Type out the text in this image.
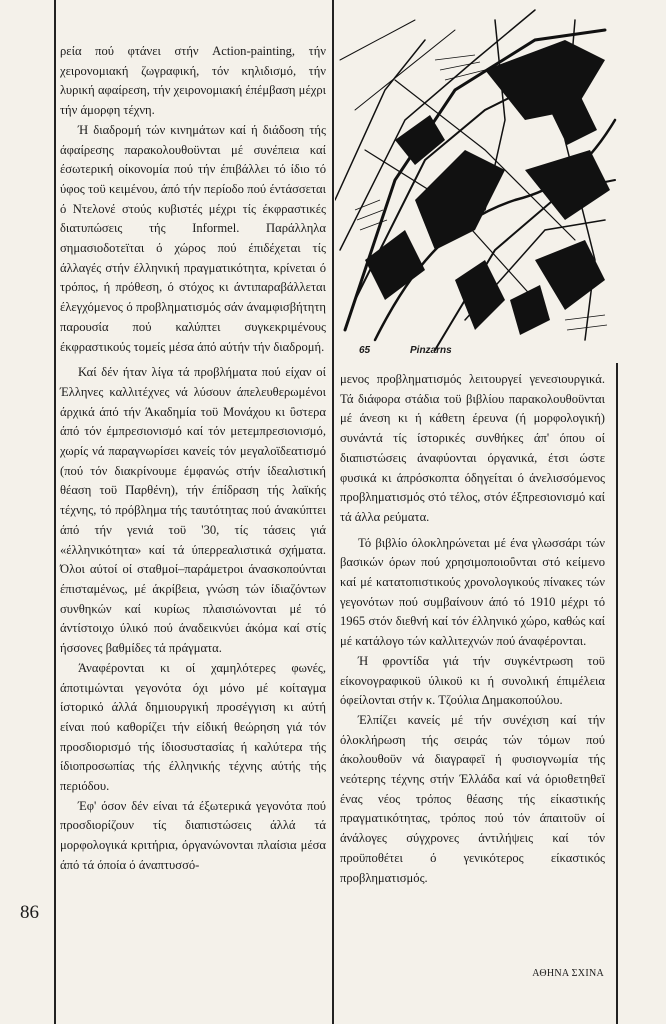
86

ρεία πού φτάνει στήν Action-painting, τήν χειρονομιακή ζωγραφική, τόν κηλιδισμό, τήν λυρική αφαίρεση, τήν χειρονομιακή έπέμβαση μέχρι τήν άμορφη τέχνη.

Ή διαδρομή τών κινημάτων καί ή διάδοση τής άφαίρεσης παρακολουθοϋνται μέ συνέπεια καί έσωτερική οίκονομία πού τήν έπιβάλλει τό ίδιο τό ύφος τοϋ κειμένου, άπό τήν περίοδο πού έντάσσεται ό Ντελονέ στούς κυβιστές μέχρι τίς έκφραστικές διατυπώσεις τής Informel. Παράλληλα σημασιοδοτεϊται ό χώρος πού έπιδέχεται τίς άλλαγές στήν έλληνική πραγματικότητα, κρίνεται ό τρόπος, ή πρόθεση, ό στόχος κι άντιπαραβάλλεται έλεγχόμενος ό προβληματισμός σάν άναμφισβήτητη παρουσία πού καλύπτει συγκεκριμένους έκφραστικούς τομείς μέσα άπό αύτήν τήν διαδρομή.

Καί δέν ήταν λίγα τά προβλήματα πού είχαν οί Έλληνες καλλιτέχνες νά λύσουν άπελευθερωμένοι άρχικά άπό τήν Άκαδημία τοϋ Μονάχου κι ΰστερα άπό τόν έμπρεσιονισμό καί τόν μετεμπρεσιονισμό, χωρίς νά παραγνωρίσει κανείς τόν μεγαλοϊδεατισμό (πού τόν διακρίνουμε έμφανώς στήν ίδεαλιστική θέαση τοϋ Παρθένη), τήν έπίδραση τής λαϊκής τέχνης, τό πρόβλημα τής ταυτότητας πού άνακύπτει άπό τήν γενιά τοϋ '30, τίς τάσεις γιά «έλληνικότητα» καί τά ύπερρεαλιστικά σχήματα. Όλοι αύτοί οί σταθμοί–παράμετροι άνασκοπούνται έπισταμένως, μέ άκρίβεια, γνώση τών ίδιαζόντων συνθηκών καί κυρίως πλαισιώνονται μέ τό άντίστοιχο ύλικό πού άναδεικνύει άκόμα καί στίς ήσσονες βαθμίδες τά πράγματα.

Άναφέρονται κι οί χαμηλότερες φωνές, άποτιμώνται γεγονότα όχι μόνο μέ κοίταγμα ίστορικό άλλά δημιουργική προσέγγιση κι αύτή είναι πού καθορίζει τήν είδική θεώρηση γιά τόν προσδιορισμό τής ίδιοσυστασίας ή καλύτερα τής ίδιοπροσωπίας τής έλληνικής τέχνης αύτής τής περιόδου.

Έφ' όσον δέν είναι τά έξωτερικά γεγονότα πού προσδιορίζουν τίς διαπιστώσεις άλλά τά μορφολογικά κριτήρια, όργανώνονται πλαίσια μέσα άπό τά όποία ό άναπτυσσό-

65	Pinzarns

μενος προβληματισμός λειτουργεί γενεσιουργικά. Τά διάφορα στάδια τοϋ βιβλίου παρακολουθοϋνται μέ άνεση κι ή κάθετη έρευνα (ή μορφολογική) συνάντά τίς ίστορικές συνθήκες άπ' όπου οί διαπιστώσεις άναφύονται όργανικά, έτσι ώστε φυσικά κι άπρόσκοπτα όδηγείται ό άνελισσόμενος προβληματισμός στό τέλος, στόν έξπρεσιονισμό καί τά άλλα ρεύματα.

Τό βιβλίο όλοκληρώνεται μέ ένα γλωσσάρι τών βασικών όρων πού χρησιμοποιοΰνται στό κείμενο καί μέ κατατοπιστικούς χρονολογικούς πίνακες τών γεγονότων πού συμβαίνουν άπό τό 1910 μέχρι τό 1965 στόν διεθνή καί τόν έλληνικό χώρο, καθώς καί μέ κατάλογο τών καλλιτεχνών πού άναφέρονται.

Ή φροντίδα γιά τήν συγκέντρωση τοϋ είκονογραφικοϋ ύλικοϋ κι ή συνολική έπιμέλεια όφείλονται στήν κ. Τζούλια Δημακοπούλου.

Έλπίζει κανείς μέ τήν συνέχιση καί τήν όλοκλήρωση τής σειράς τών τόμων πού άκολουθοϋν νά διαγραφεϊ ή φυσιογνωμία τής νεότερης τέχνης στήν Έλλάδα καί νά όριοθετηθεϊ ένας νέος τρόπος θέασης τής είκαστικής πραγματικότητας, τρόπος πού τόν άπαιτοϋν οί άνάλογες σύγχρονες άντιλήψεις καί τόν προϋποθέτει ό γενικότερος είκαστικός προβληματισμός.

ΑΘΗΝΑ ΣΧΙΝΑ
